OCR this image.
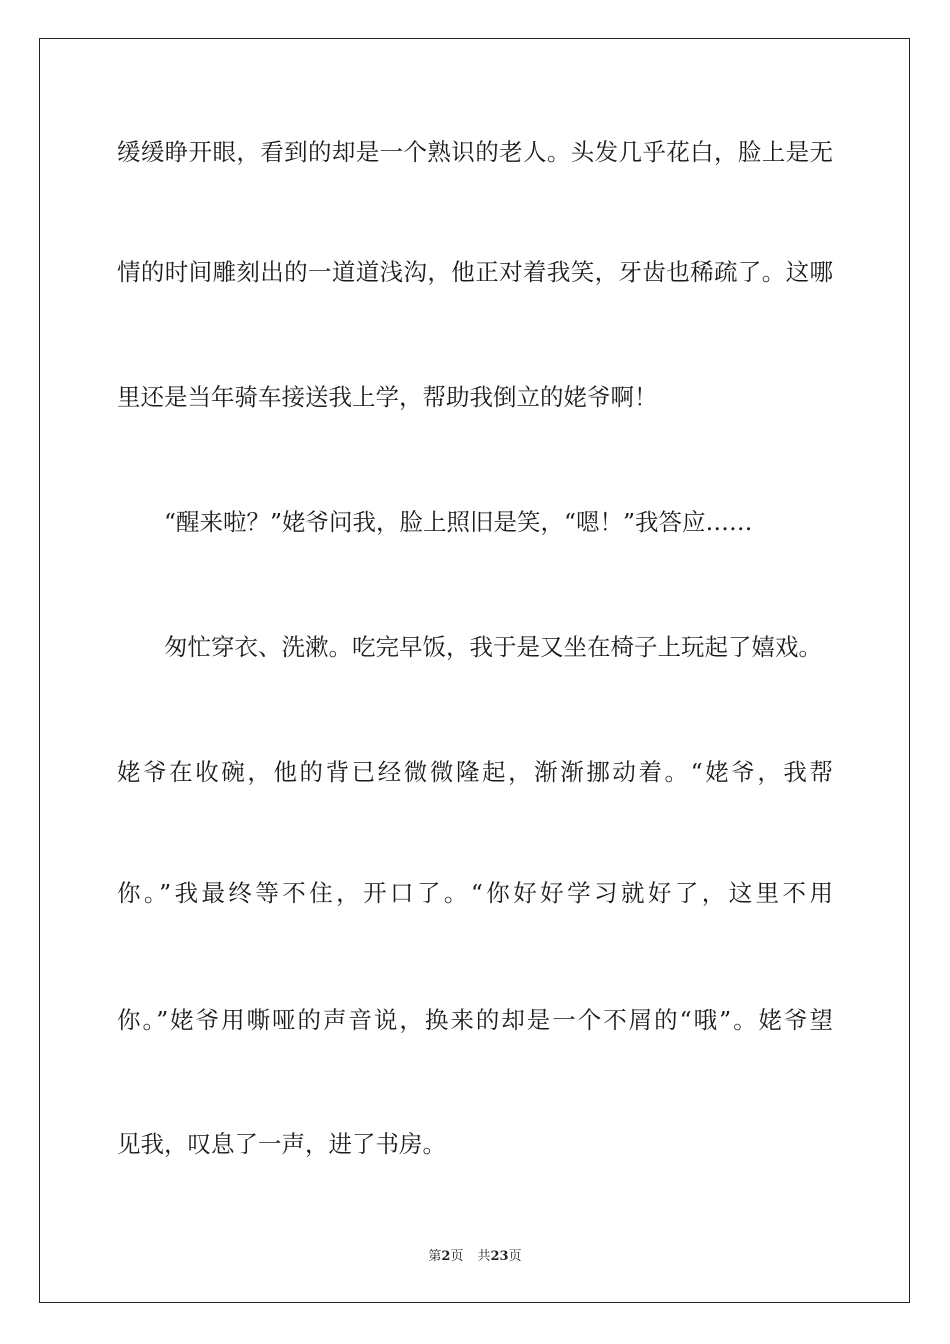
缓缓睁开眼，看到的却是一个熟识的老人。头发几乎花白，脸上是无
情的时间雕刻出的一道道浅沟，他正对着我笑，牙齿也稀疏了。这哪
里还是当年骑车接送我上学，帮助我倒立的姥爷啊！
“醒来啦？”姥爷问我，脸上照旧是笑，“嗯！”我答应……
匆忙穿衣、洗漱。吃完早饭，我于是又坐在椅子上玩起了嬉戏。
姥爷在收碗，他的背已经微微隆起，渐渐挪动着。“姥爷，我帮
你。”我最终等不住，开口了。“你好好学习就好了，这里不用
你。”姥爷用嘶哑的声音说，换来的却是一个不屑的“哦”。姥爷望
见我，叹息了一声，进了书房。
第2页 共23页
